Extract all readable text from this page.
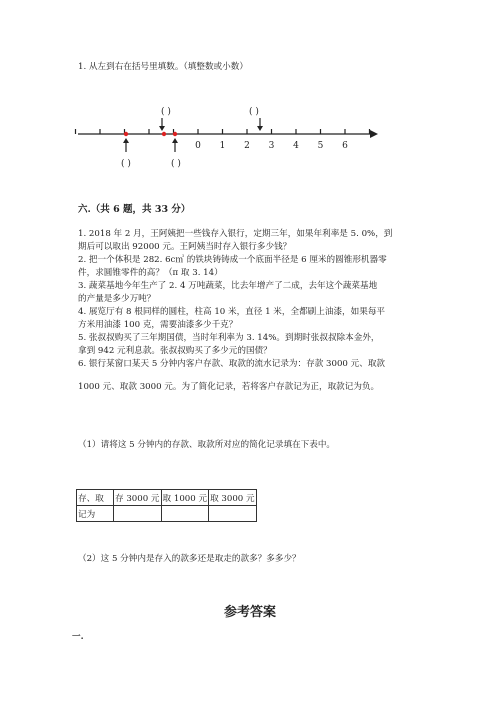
1. 从左到右在括号里填数。（填整数或小数）
0 1 2 3 4 5 6
( )	( )
( )	( )
六.（共 6 题，共 33 分）
1. 2018 年 2 月，王阿姨把一些钱存入银行，定期三年，如果年利率是 5. 0%，到
期后可以取出 92000 元。王阿姨当时存入银行多少钱？
2. 把一个体积是 282. 6c㎥ 的铁块铸铸成一个底面半径是 6 厘米的圆锥形机器零
件，求圆锥零件的高？（π 取 3. 14）
3. 蔬菜基地今年生产了 2. 4 万吨蔬菜，比去年增产了二成，去年这个蔬菜基地
的产量是多少万吨？
4. 展览厅有 8 根同样的圆柱，柱高 10 米，直径 1 米，全都刷上油漆，如果每平
方米用油漆 100 克，需要油漆多少千克？
5. 张叔叔购买了三年期国债，当时年利率为 3. 14%。到期时张叔叔除本金外，
拿到 942 元利息款。张叔叔购买了多少元的国债？
6. 银行某窗口某天 5 分钟内客户存款、取款的流水记录为：存款 3000 元、取款
1000 元、取款 3000 元。为了简化记录，若将客户存款记为正，取款记为负。
（1）请将这 5 分钟内的存款、取款所对应的简化记录填在下表中。
存、取	存 3000 元	取 1000 元	取 3000 元
记为			
（2）这 5 分钟内是存入的款多还是取走的款多？多多少？
参考答案
一.
